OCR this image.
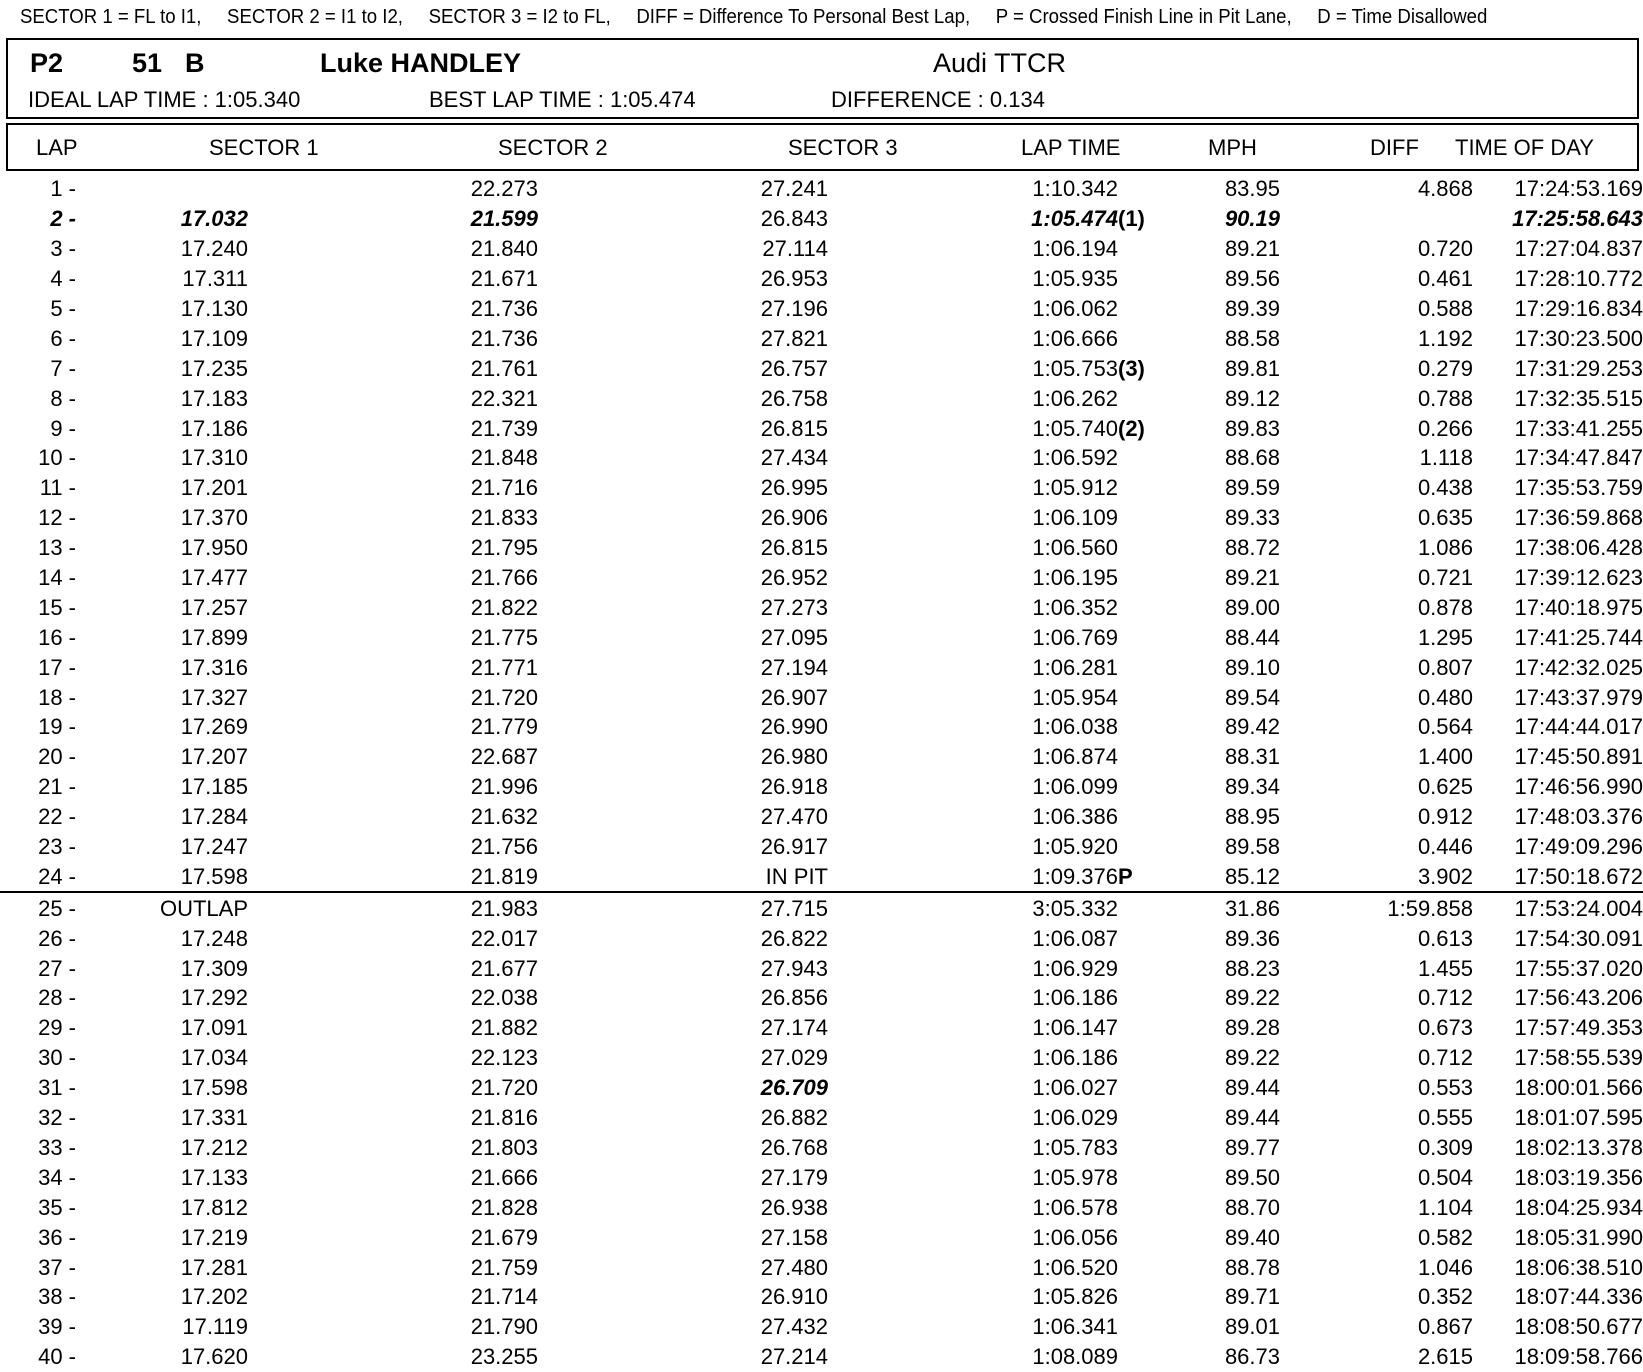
SECTOR 1 = FL to I1, SECTOR 2 = I1 to I2, SECTOR 3 = I2 to FL, DIFF = Difference To Personal Best Lap, P = Crossed Finish Line in Pit Lane, D = Time Disallowed
P2	51 B	Luke HANDLEY	Audi TTCR
IDEAL LAP TIME : 1:05.340	BEST LAP TIME : 1:05.474	DIFFERENCE : 0.134
LAP	SECTOR 1	SECTOR 2	SECTOR 3	LAP TIME	MPH	DIFF TIME OF DAY
1 -		22.273	27.241	1:10.342		83.95	4.868	17:24:53.169
2 -	17.032	21.599	26.843	1:05.474	(1)	90.19		17:25:58.643
3 -	17.240	21.840	27.114	1:06.194		89.21	0.720	17:27:04.837
4 -	17.311	21.671	26.953	1:05.935		89.56	0.461	17:28:10.772
5 -	17.130	21.736	27.196	1:06.062		89.39	0.588	17:29:16.834
6 -	17.109	21.736	27.821	1:06.666		88.58	1.192	17:30:23.500
7 -	17.235	21.761	26.757	1:05.753	(3)	89.81	0.279	17:31:29.253
8 -	17.183	22.321	26.758	1:06.262		89.12	0.788	17:32:35.515
9 -	17.186	21.739	26.815	1:05.740	(2)	89.83	0.266	17:33:41.255
10 -	17.310	21.848	27.434	1:06.592		88.68	1.118	17:34:47.847
11 -	17.201	21.716	26.995	1:05.912		89.59	0.438	17:35:53.759
12 -	17.370	21.833	26.906	1:06.109		89.33	0.635	17:36:59.868
13 -	17.950	21.795	26.815	1:06.560		88.72	1.086	17:38:06.428
14 -	17.477	21.766	26.952	1:06.195		89.21	0.721	17:39:12.623
15 -	17.257	21.822	27.273	1:06.352		89.00	0.878	17:40:18.975
16 -	17.899	21.775	27.095	1:06.769		88.44	1.295	17:41:25.744
17 -	17.316	21.771	27.194	1:06.281		89.10	0.807	17:42:32.025
18 -	17.327	21.720	26.907	1:05.954		89.54	0.480	17:43:37.979
19 -	17.269	21.779	26.990	1:06.038		89.42	0.564	17:44:44.017
20 -	17.207	22.687	26.980	1:06.874		88.31	1.400	17:45:50.891
21 -	17.185	21.996	26.918	1:06.099		89.34	0.625	17:46:56.990
22 -	17.284	21.632	27.470	1:06.386		88.95	0.912	17:48:03.376
23 -	17.247	21.756	26.917	1:05.920		89.58	0.446	17:49:09.296
24 -	17.598	21.819	IN PIT	1:09.376	P	85.12	3.902	17:50:18.672
25 -	OUTLAP	21.983	27.715	3:05.332		31.86	1:59.858	17:53:24.004
26 -	17.248	22.017	26.822	1:06.087		89.36	0.613	17:54:30.091
27 -	17.309	21.677	27.943	1:06.929		88.23	1.455	17:55:37.020
28 -	17.292	22.038	26.856	1:06.186		89.22	0.712	17:56:43.206
29 -	17.091	21.882	27.174	1:06.147		89.28	0.673	17:57:49.353
30 -	17.034	22.123	27.029	1:06.186		89.22	0.712	17:58:55.539
31 -	17.598	21.720	26.709	1:06.027		89.44	0.553	18:00:01.566
32 -	17.331	21.816	26.882	1:06.029		89.44	0.555	18:01:07.595
33 -	17.212	21.803	26.768	1:05.783		89.77	0.309	18:02:13.378
34 -	17.133	21.666	27.179	1:05.978		89.50	0.504	18:03:19.356
35 -	17.812	21.828	26.938	1:06.578		88.70	1.104	18:04:25.934
36 -	17.219	21.679	27.158	1:06.056		89.40	0.582	18:05:31.990
37 -	17.281	21.759	27.480	1:06.520		88.78	1.046	18:06:38.510
38 -	17.202	21.714	26.910	1:05.826		89.71	0.352	18:07:44.336
39 -	17.119	21.790	27.432	1:06.341		89.01	0.867	18:08:50.677
40 -	17.620	23.255	27.214	1:08.089		86.73	2.615	18:09:58.766
